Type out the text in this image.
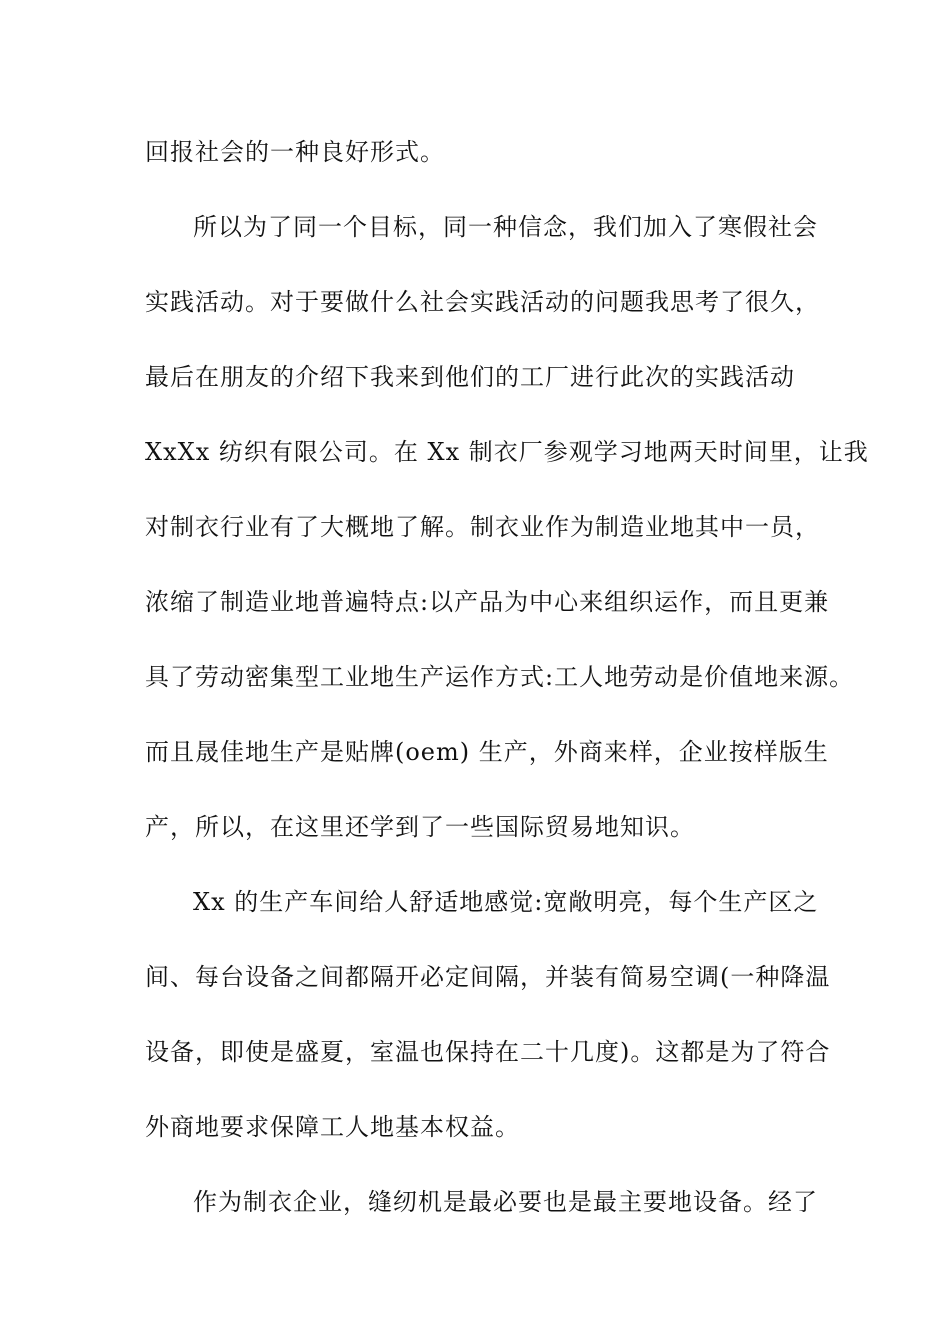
回报社会的一种良好形式。

所以为了同一个目标，同一种信念，我们加入了寒假社会

实践活动。对于要做什么社会实践活动的问题我思考了很久，

最后在朋友的介绍下我来到他们的工厂进行此次的实践活动

XxXx 纺织有限公司。在 Xx 制衣厂参观学习地两天时间里，让我

对制衣行业有了大概地了解。制衣业作为制造业地其中一员，

浓缩了制造业地普遍特点:以产品为中心来组织运作，而且更兼

具了劳动密集型工业地生产运作方式:工人地劳动是价值地来源。

而且晟佳地生产是贴牌(oem) 生产，外商来样，企业按样版生

产，所以，在这里还学到了一些国际贸易地知识。

Xx 的生产车间给人舒适地感觉:宽敞明亮，每个生产区之

间、每台设备之间都隔开必定间隔，并装有简易空调(一种降温

设备，即使是盛夏，室温也保持在二十几度)。这都是为了符合

外商地要求保障工人地基本权益。

作为制衣企业，缝纫机是最必要也是最主要地设备。经了
